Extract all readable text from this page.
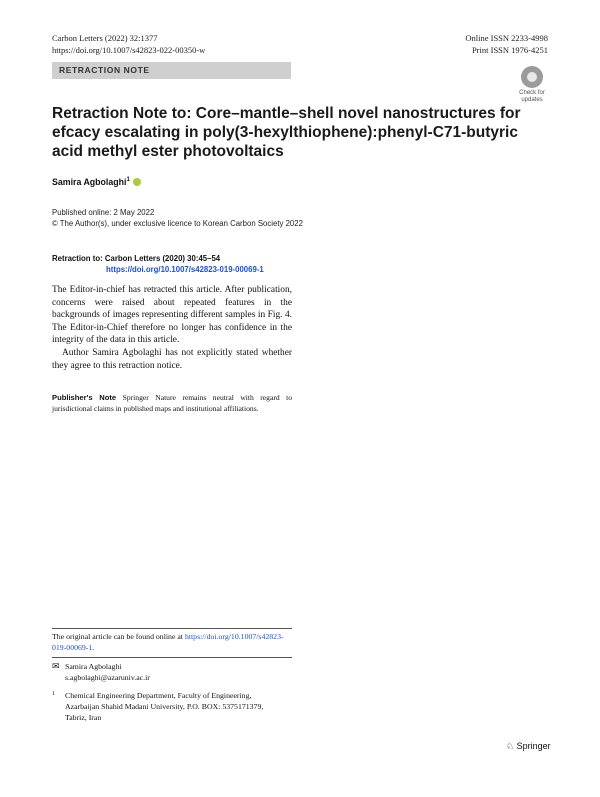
Carbon Letters (2022) 32:1377
https://doi.org/10.1007/s42823-022-00350-w
Online ISSN 2233-4998
Print ISSN 1976-4251
RETRACTION NOTE
Check for
updates
Retraction Note to: Core–mantle–shell novel nanostructures for efcacy escalating in poly(3-hexylthiophene):phenyl-C71-butyric acid methyl ester photovoltaics
Samira Agbolaghi$^1$
Published online: 2 May 2022
© The Author(s), under exclusive licence to Korean Carbon Society 2022
Retraction to: Carbon Letters (2020) 30:45–54
https://doi.org/10.1007/s42823-019-00069-1

The Editor-in-chief has retracted this article. After publication, concerns were raised about repeated features in the backgrounds of images representing different samples in Fig. 4. The Editor-in-Chief therefore no longer has confidence in the integrity of the data in this article.

Author Samira Agbolaghi has not explicitly stated whether they agree to this retraction notice.

Publisher's Note Springer Nature remains neutral with regard to jurisdictional claims in published maps and institutional affiliations.
The original article can be found online at https://doi.org/10.1007/s42823-019-00069-1.
✉ Samira Agbolaghi
s.agbolaghi@azaruniv.ac.ir
1	Chemical Engineering Department, Faculty of Engineering, Azarbaijan Shahid Madani University, P.O. BOX: 5375171379, Tabriz, Iran
♘ Springer
